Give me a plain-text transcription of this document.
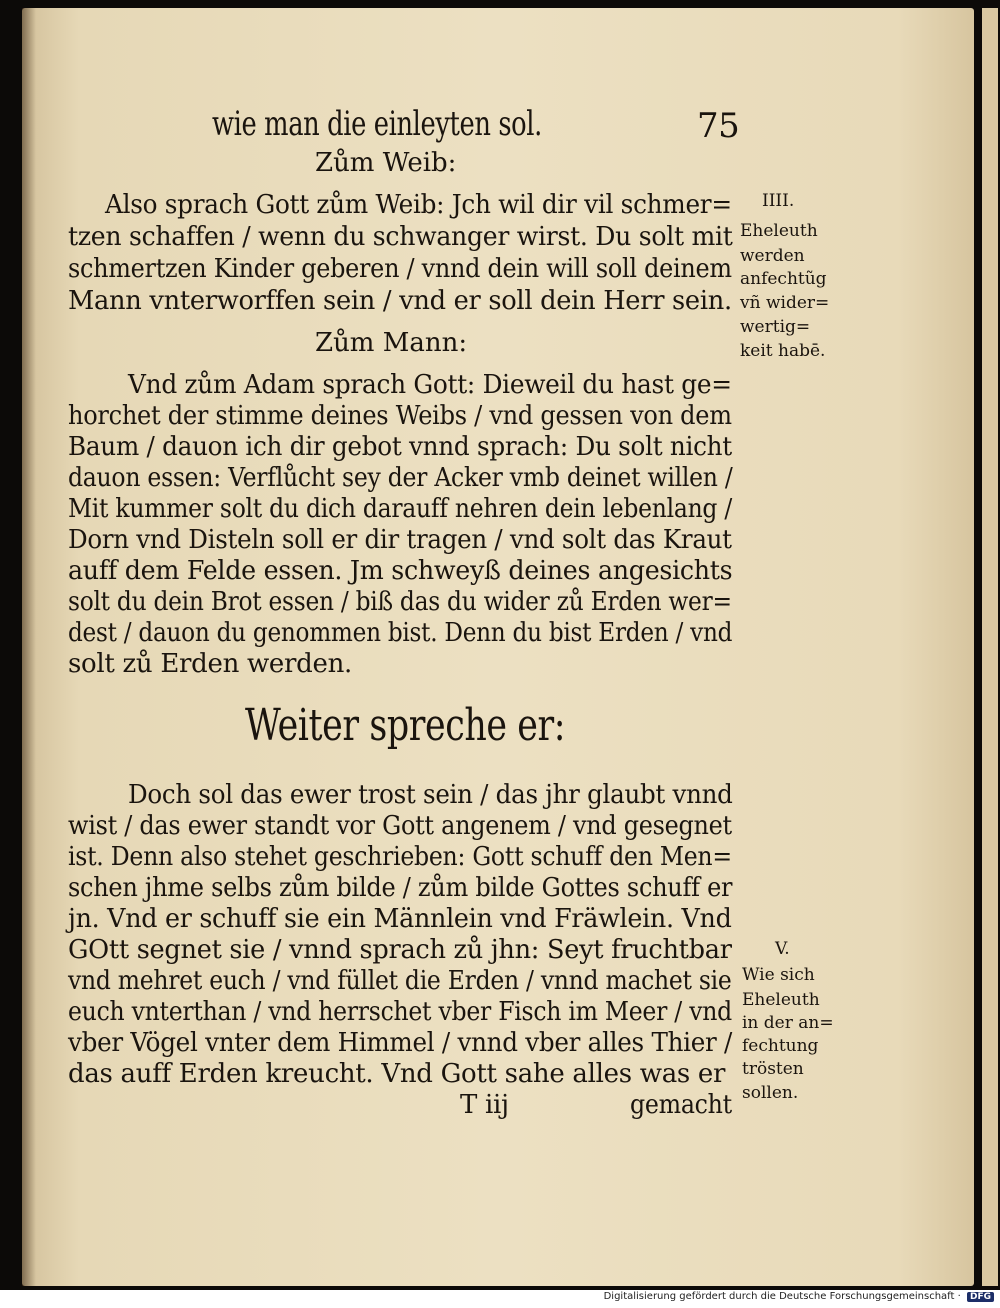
wie man die einleyten sol.	75
Zům Weib:
Also sprach Gott zům Weib: Jch wil dir vil schmer=
tzen schaffen / wenn du schwanger wirst. Du solt mit
schmertzen Kinder geberen / vnnd dein will soll deinem
Mann vnterworffen sein / vnd er soll dein Herr sein.
Zům Mann:
Vnd zům Adam sprach Gott: Dieweil du hast ge=
horchet der stimme deines Weibs / vnd gessen von dem
Baum / dauon ich dir gebot vnnd sprach: Du solt nicht
dauon essen: Verflůcht sey der Acker vmb deinet willen /
Mit kummer solt du dich darauff nehren dein lebenlang /
Dorn vnd Disteln soll er dir tragen / vnd solt das Kraut
auff dem Felde essen. Jm schweyß deines angesichts
solt du dein Brot essen / biß das du wider zů Erden wer=
dest / dauon du genommen bist. Denn du bist Erden / vnd
solt zů Erden werden.
Weiter spreche er:
Doch sol das ewer trost sein / das jhr glaubt vnnd
wist / das ewer standt vor Gott angenem / vnd gesegnet
ist. Denn also stehet geschrieben: Gott schuff den Men=
schen jhme selbs zům bilde / zům bilde Gottes schuff er
jn. Vnd er schuff sie ein Männlein vnd Fräwlein. Vnd
GOtt segnet sie / vnnd sprach zů jhn: Seyt fruchtbar
vnd mehret euch / vnd füllet die Erden / vnnd machet sie
euch vnterthan / vnd herrschet vber Fisch im Meer / vnd
vber Vögel vnter dem Himmel / vnnd vber alles Thier /
das auff Erden kreucht. Vnd Gott sahe alles was er
T iij	gemacht
IIII.
Eheleuth
werden
anfechtũg
vñ wider=
wertig=
keit habē.
V.
Wie sich
Eheleuth
in der an=
fechtung
trösten
sollen.
Digitalisierung gefördert durch die Deutsche Forschungsgemeinschaft · DFG
